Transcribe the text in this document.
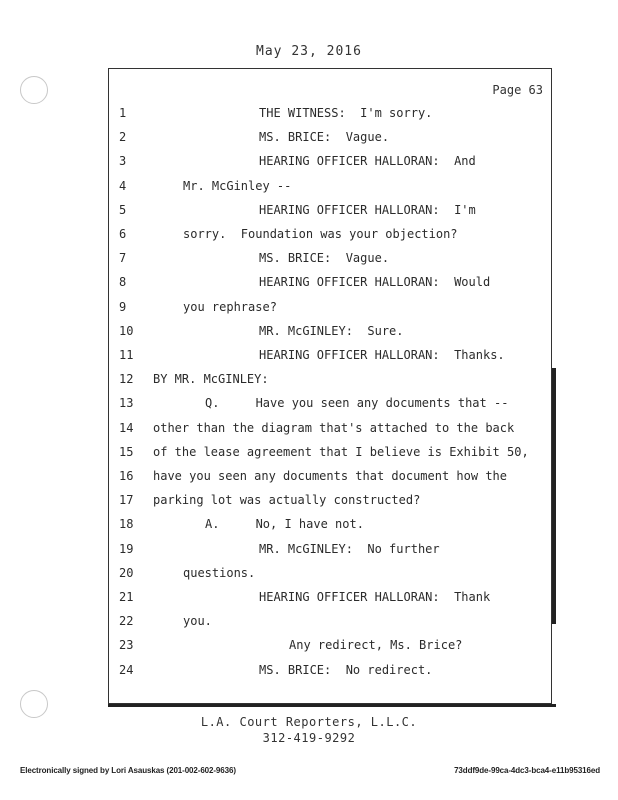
May 23, 2016
Page 63
1	THE WITNESS:  I'm sorry.
2	MS. BRICE:  Vague.
3	HEARING OFFICER HALLORAN:  And
4	Mr. McGinley --
5	HEARING OFFICER HALLORAN:  I'm
6	sorry.  Foundation was your objection?
7	MS. BRICE:  Vague.
8	HEARING OFFICER HALLORAN:  Would
9	you rephrase?
10	MR. McGINLEY:  Sure.
11	HEARING OFFICER HALLORAN:  Thanks.
12	BY MR. McGINLEY:
13	Q.     Have you seen any documents that --
14	other than the diagram that's attached to the back
15	of the lease agreement that I believe is Exhibit 50,
16	have you seen any documents that document how the
17	parking lot was actually constructed?
18	A.     No, I have not.
19	MR. McGINLEY:  No further
20	questions.
21	HEARING OFFICER HALLORAN:  Thank
22	you.
23	Any redirect, Ms. Brice?
24	MS. BRICE:  No redirect.
L.A. Court Reporters, L.L.C.
312-419-9292
Electronically signed by Lori Asauskas (201-002-602-9636)	73ddf9de-99ca-4dc3-bca4-e11b95316ed
